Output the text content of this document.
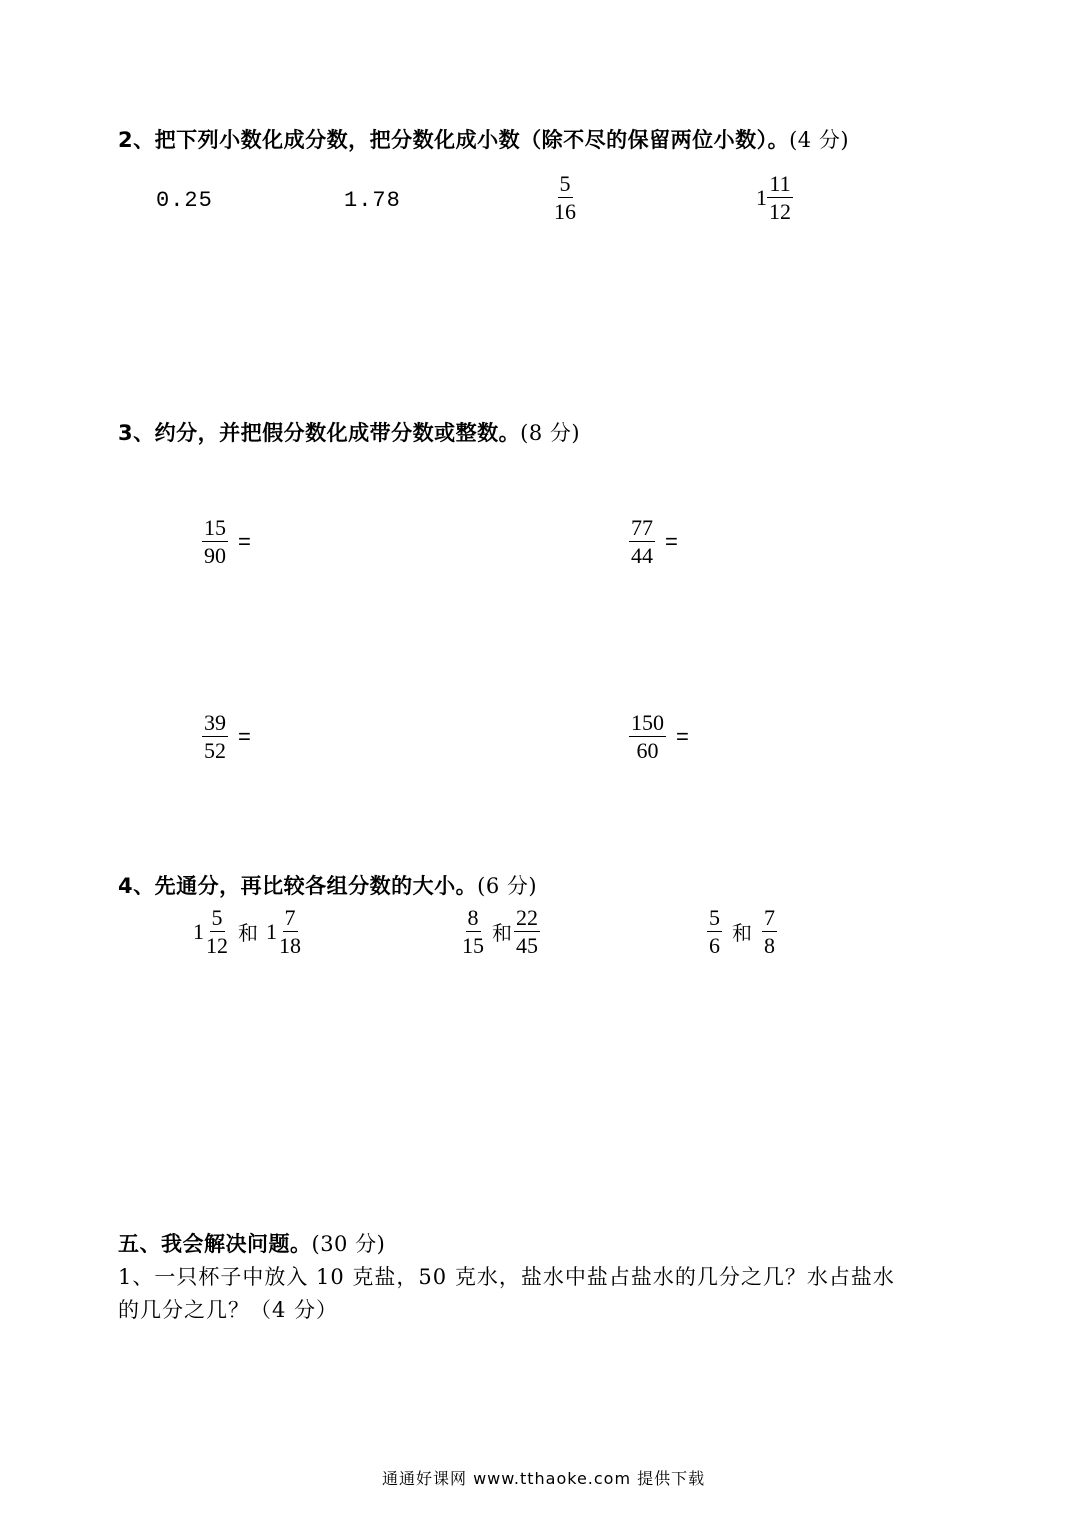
2、把下列小数化成分数，把分数化成小数（除不尽的保留两位小数）。(4 分)
0.25	1.78	$\frac{5}{16}$	$1 \frac{11}{12}$
3、约分，并把假分数化成带分数或整数。(8 分)
$\frac{15}{90}$ =	$\frac{77}{44}$ =
$\frac{39}{52}$ =	$\frac{150}{60}$ =
4、先通分，再比较各组分数的大小。(6 分)
$1 \frac{5}{12}$ 和 $1 \frac{7}{18}$	$\frac{8}{15}$ 和 $\frac{22}{45}$	$\frac{5}{6}$ 和 $\frac{7}{8}$
五、我会解决问题。(30 分)
1、一只杯子中放入 10 克盐，50 克水，盐水中盐占盐水的几分之几？水占盐水
的几分之几？（4 分）
通通好课网 www.tthaoke.com 提供下载
